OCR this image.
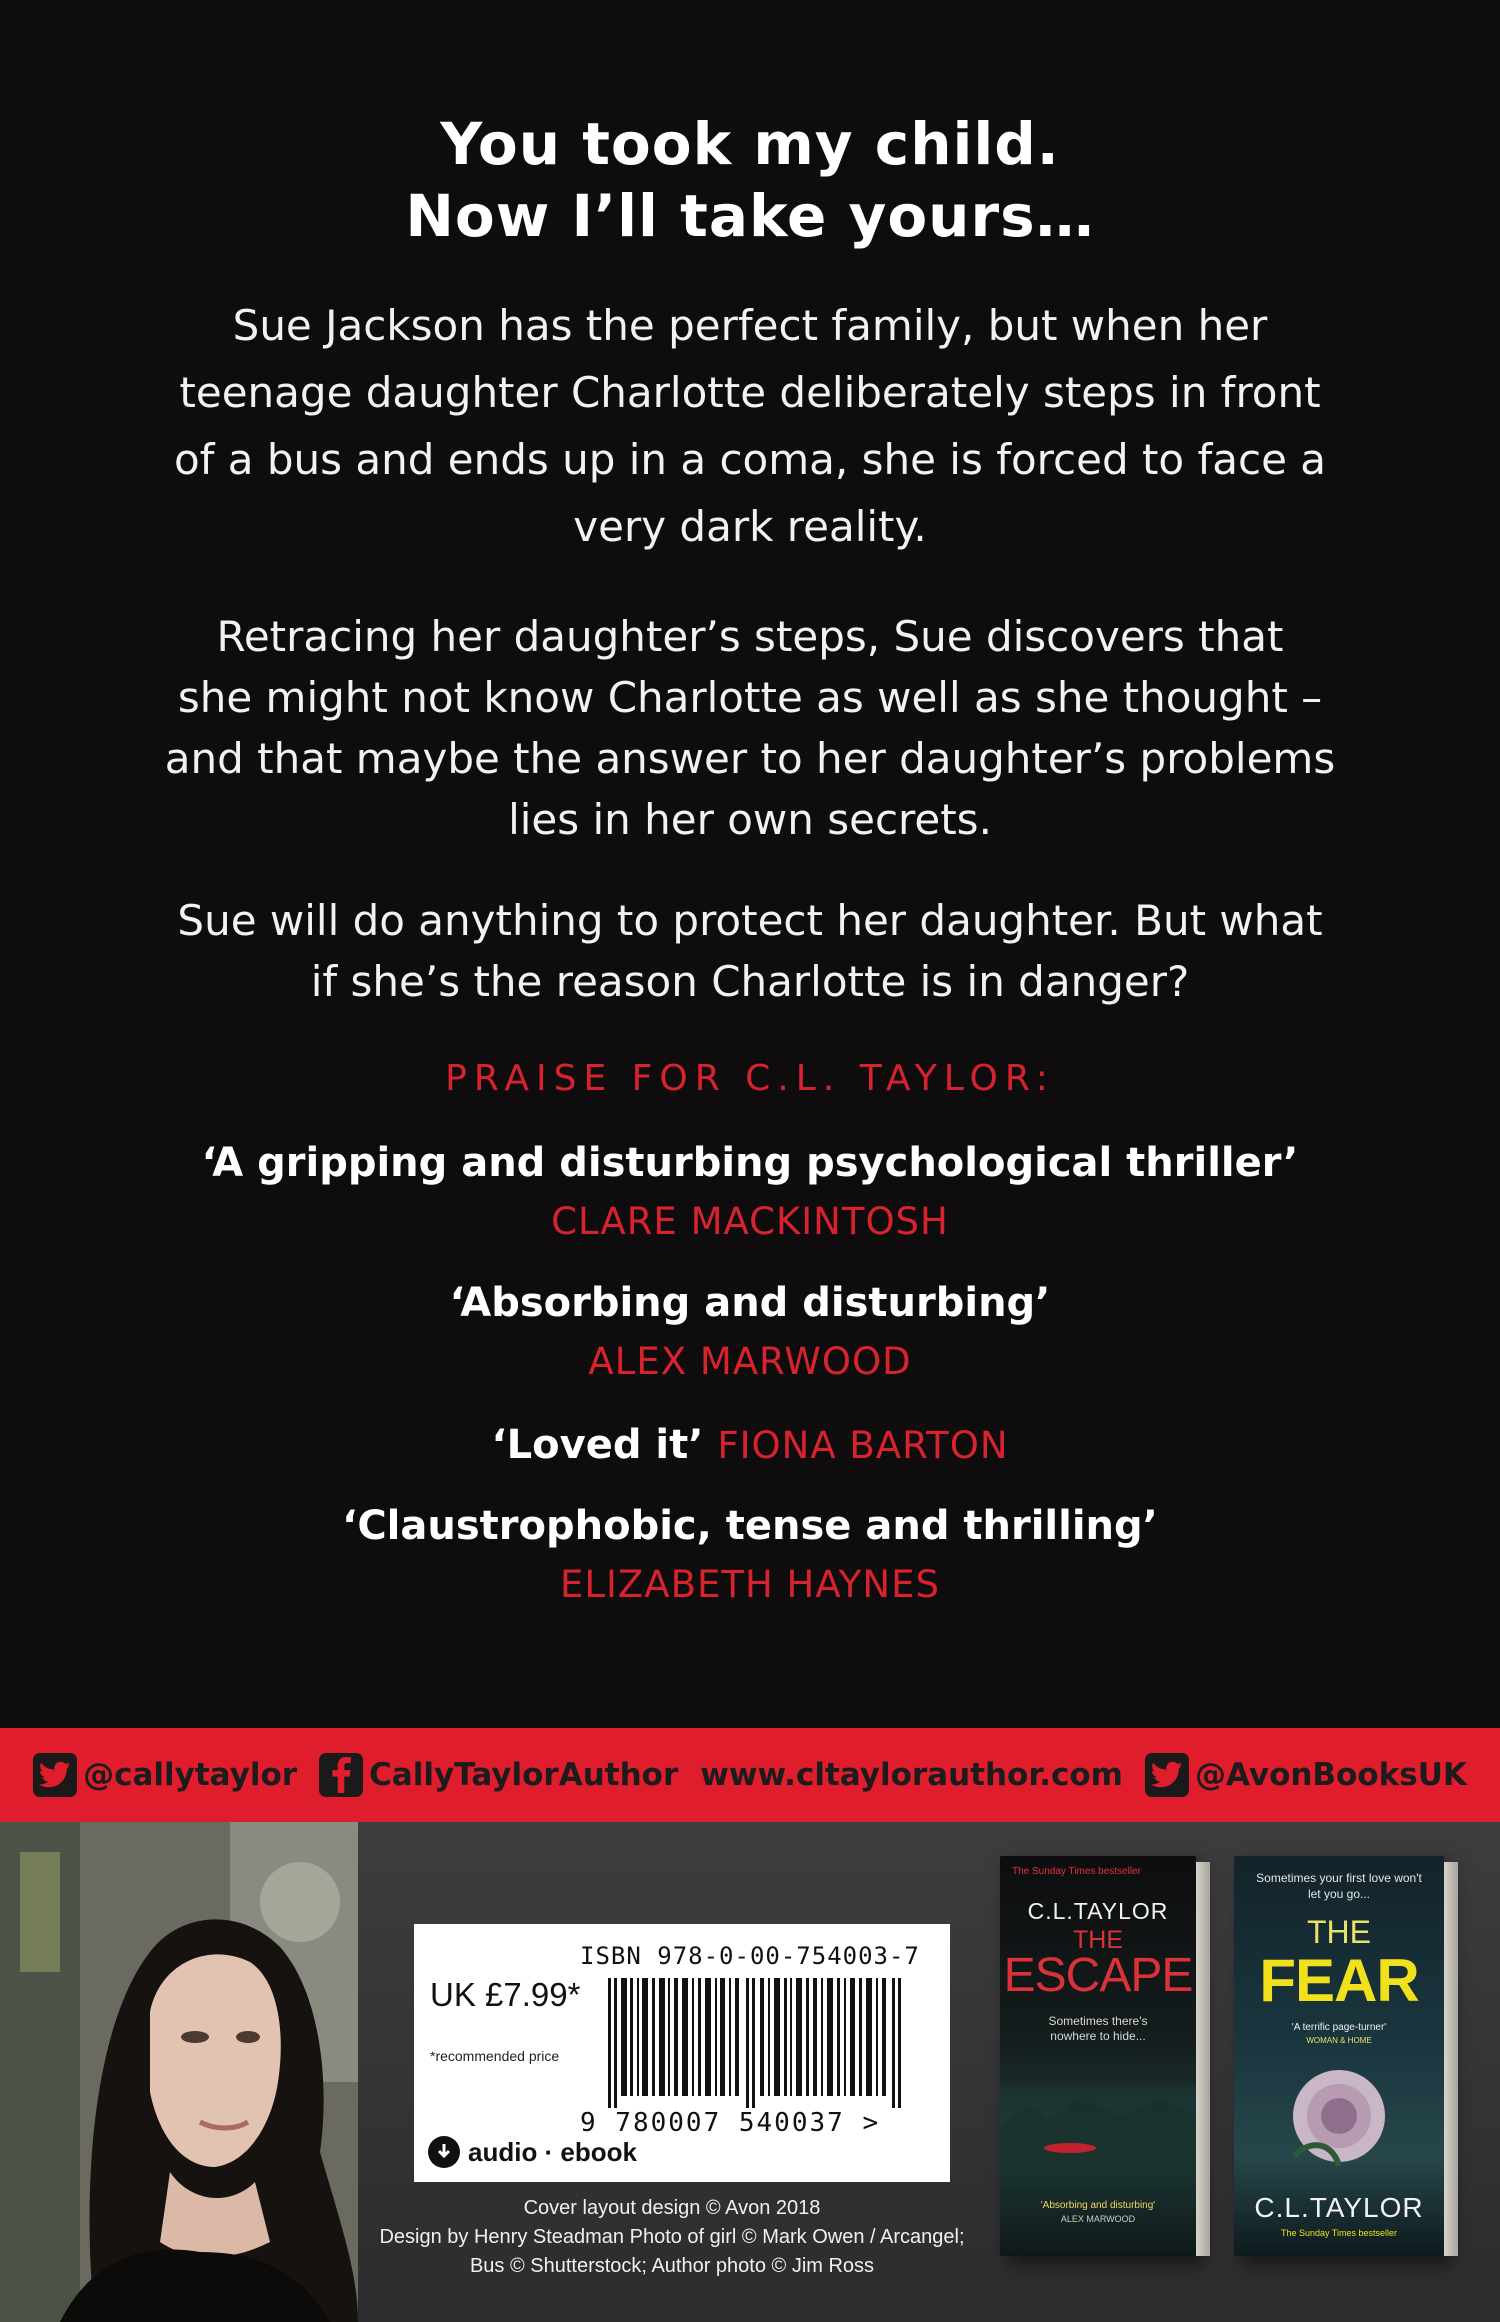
You took my child.
Now I’ll take yours…
Sue Jackson has the perfect family, but when her
teenage daughter Charlotte deliberately steps in front
of a bus and ends up in a coma, she is forced to face a
very dark reality.
Retracing her daughter’s steps, Sue discovers that
she might not know Charlotte as well as she thought –
and that maybe the answer to her daughter’s problems
lies in her own secrets.
Sue will do anything to protect her daughter. But what
if she’s the reason Charlotte is in danger?
PRAISE FOR C.L. TAYLOR:
‘A gripping and disturbing psychological thriller’
CLARE MACKINTOSH
‘Absorbing and disturbing’
ALEX MARWOOD
‘Loved it’ FIONA BARTON
‘Claustrophobic, tense and thrilling’
ELIZABETH HAYNES
@callytaylor CallyTaylorAuthor www.cltaylorauthor.com @AvonBooksUK
ISBN 978-0-00-754003-7
UK £7.99*
*recommended price
9 780007 540037 >
audio · ebook
Cover layout design © Avon 2018
Design by Henry Steadman Photo of girl © Mark Owen / Arcangel;
Bus © Shutterstock; Author photo © Jim Ross
The Sunday Times bestseller
C.L.TAYLOR
THE
ESCAPE
Sometimes there's nowhere to hide...
'Absorbing and disturbing'
ALEX MARWOOD
Sometimes your first love won't let you go...
THE
FEAR
'A terrific page-turner'
WOMAN & HOME
C.L.TAYLOR
The Sunday Times bestseller
